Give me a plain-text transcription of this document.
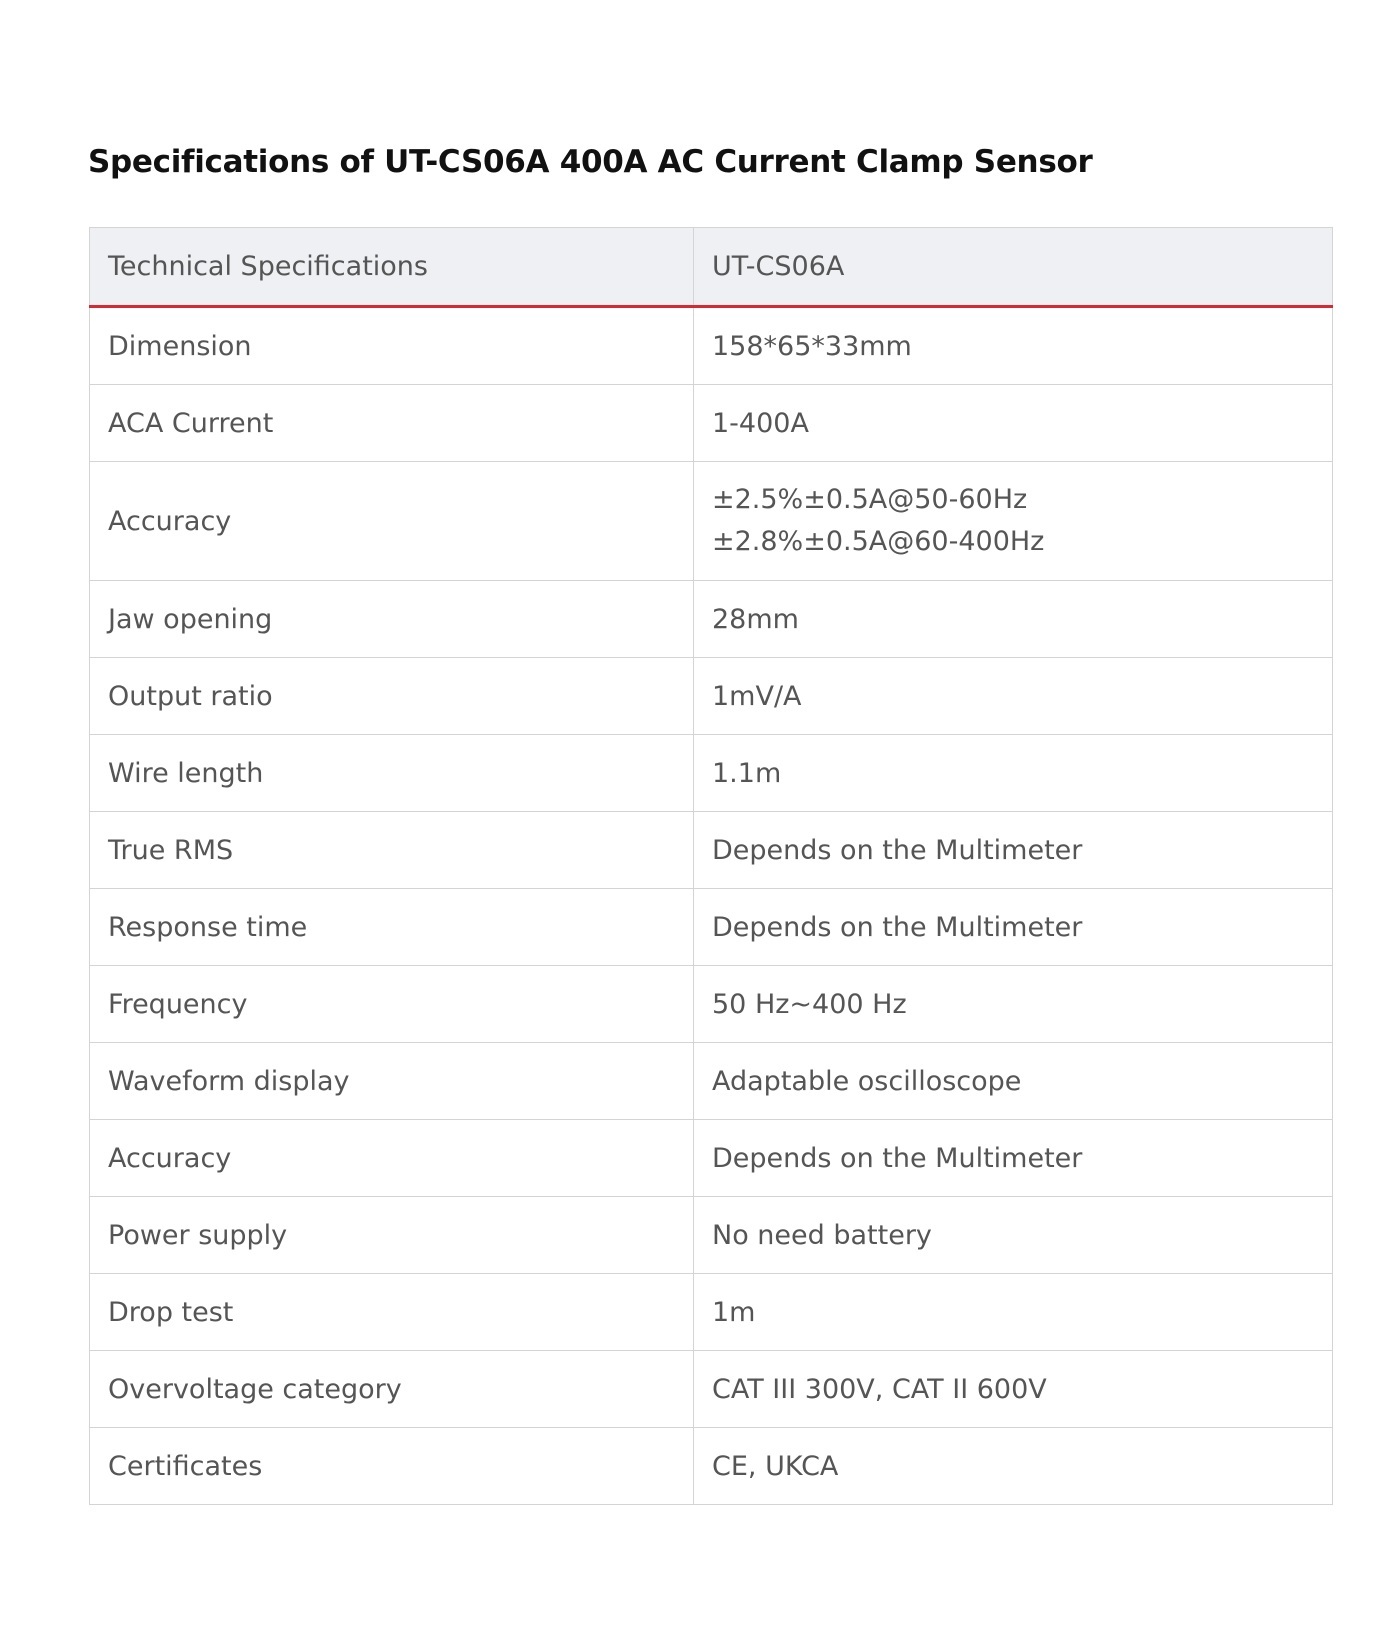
Specifications of UT-CS06A 400A AC Current Clamp Sensor
Technical Specifications	UT-CS06A
Dimension	158*65*33mm
ACA Current	1-400A
Accuracy	±2.5%±0.5A@50-60Hz
±2.8%±0.5A@60-400Hz

Jaw opening	28mm
Output ratio	1mV/A
Wire length	1.1m
True RMS	Depends on the Multimeter
Response time	Depends on the Multimeter
Frequency	50 Hz~400 Hz
Waveform display	Adaptable oscilloscope
Accuracy	Depends on the Multimeter
Power supply	No need battery
Drop test	1m
Overvoltage category	CAT III 300V, CAT II 600V
Certificates	CE, UKCA
